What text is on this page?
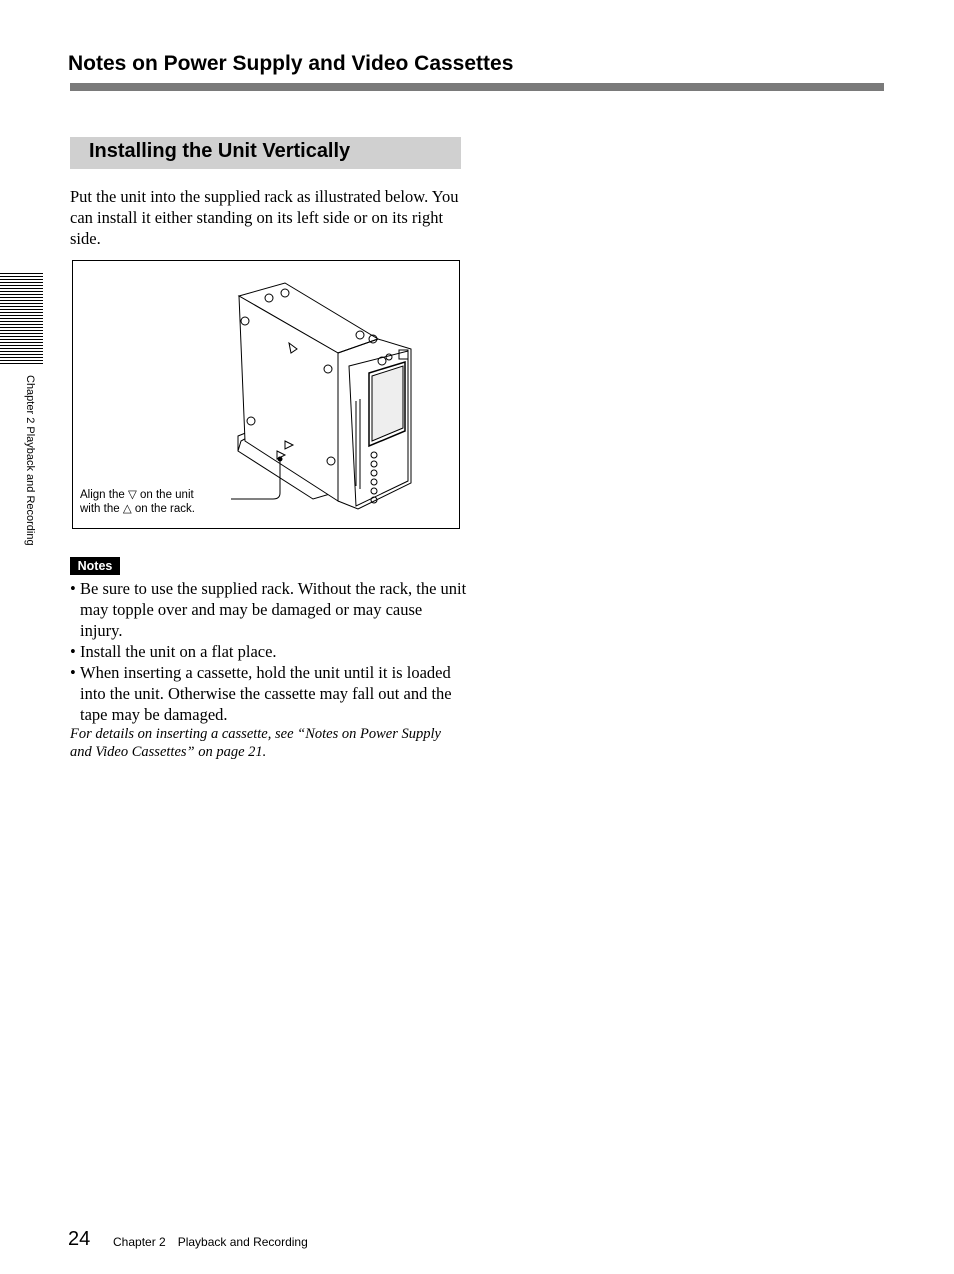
Notes on Power Supply and Video Cassettes
Installing the Unit Vertically
Put the unit into the supplied rack as illustrated below. You can install it either standing on its left side or on its right side.
Align the ▽ on the unit
with the △ on the rack.
Notes
• Be sure to use the supplied rack. Without the rack, the unit may topple over and may be damaged or may cause injury.
• Install the unit on a flat place.
• When inserting a cassette, hold the unit until it is loaded into the unit. Otherwise the cassette may fall out and the tape may be damaged.
For details on inserting a cassette, see “Notes on Power Supply and Video Cassettes” on page 21.
Chapter 2 Playback and Recording
24 Chapter 2 Playback and Recording
